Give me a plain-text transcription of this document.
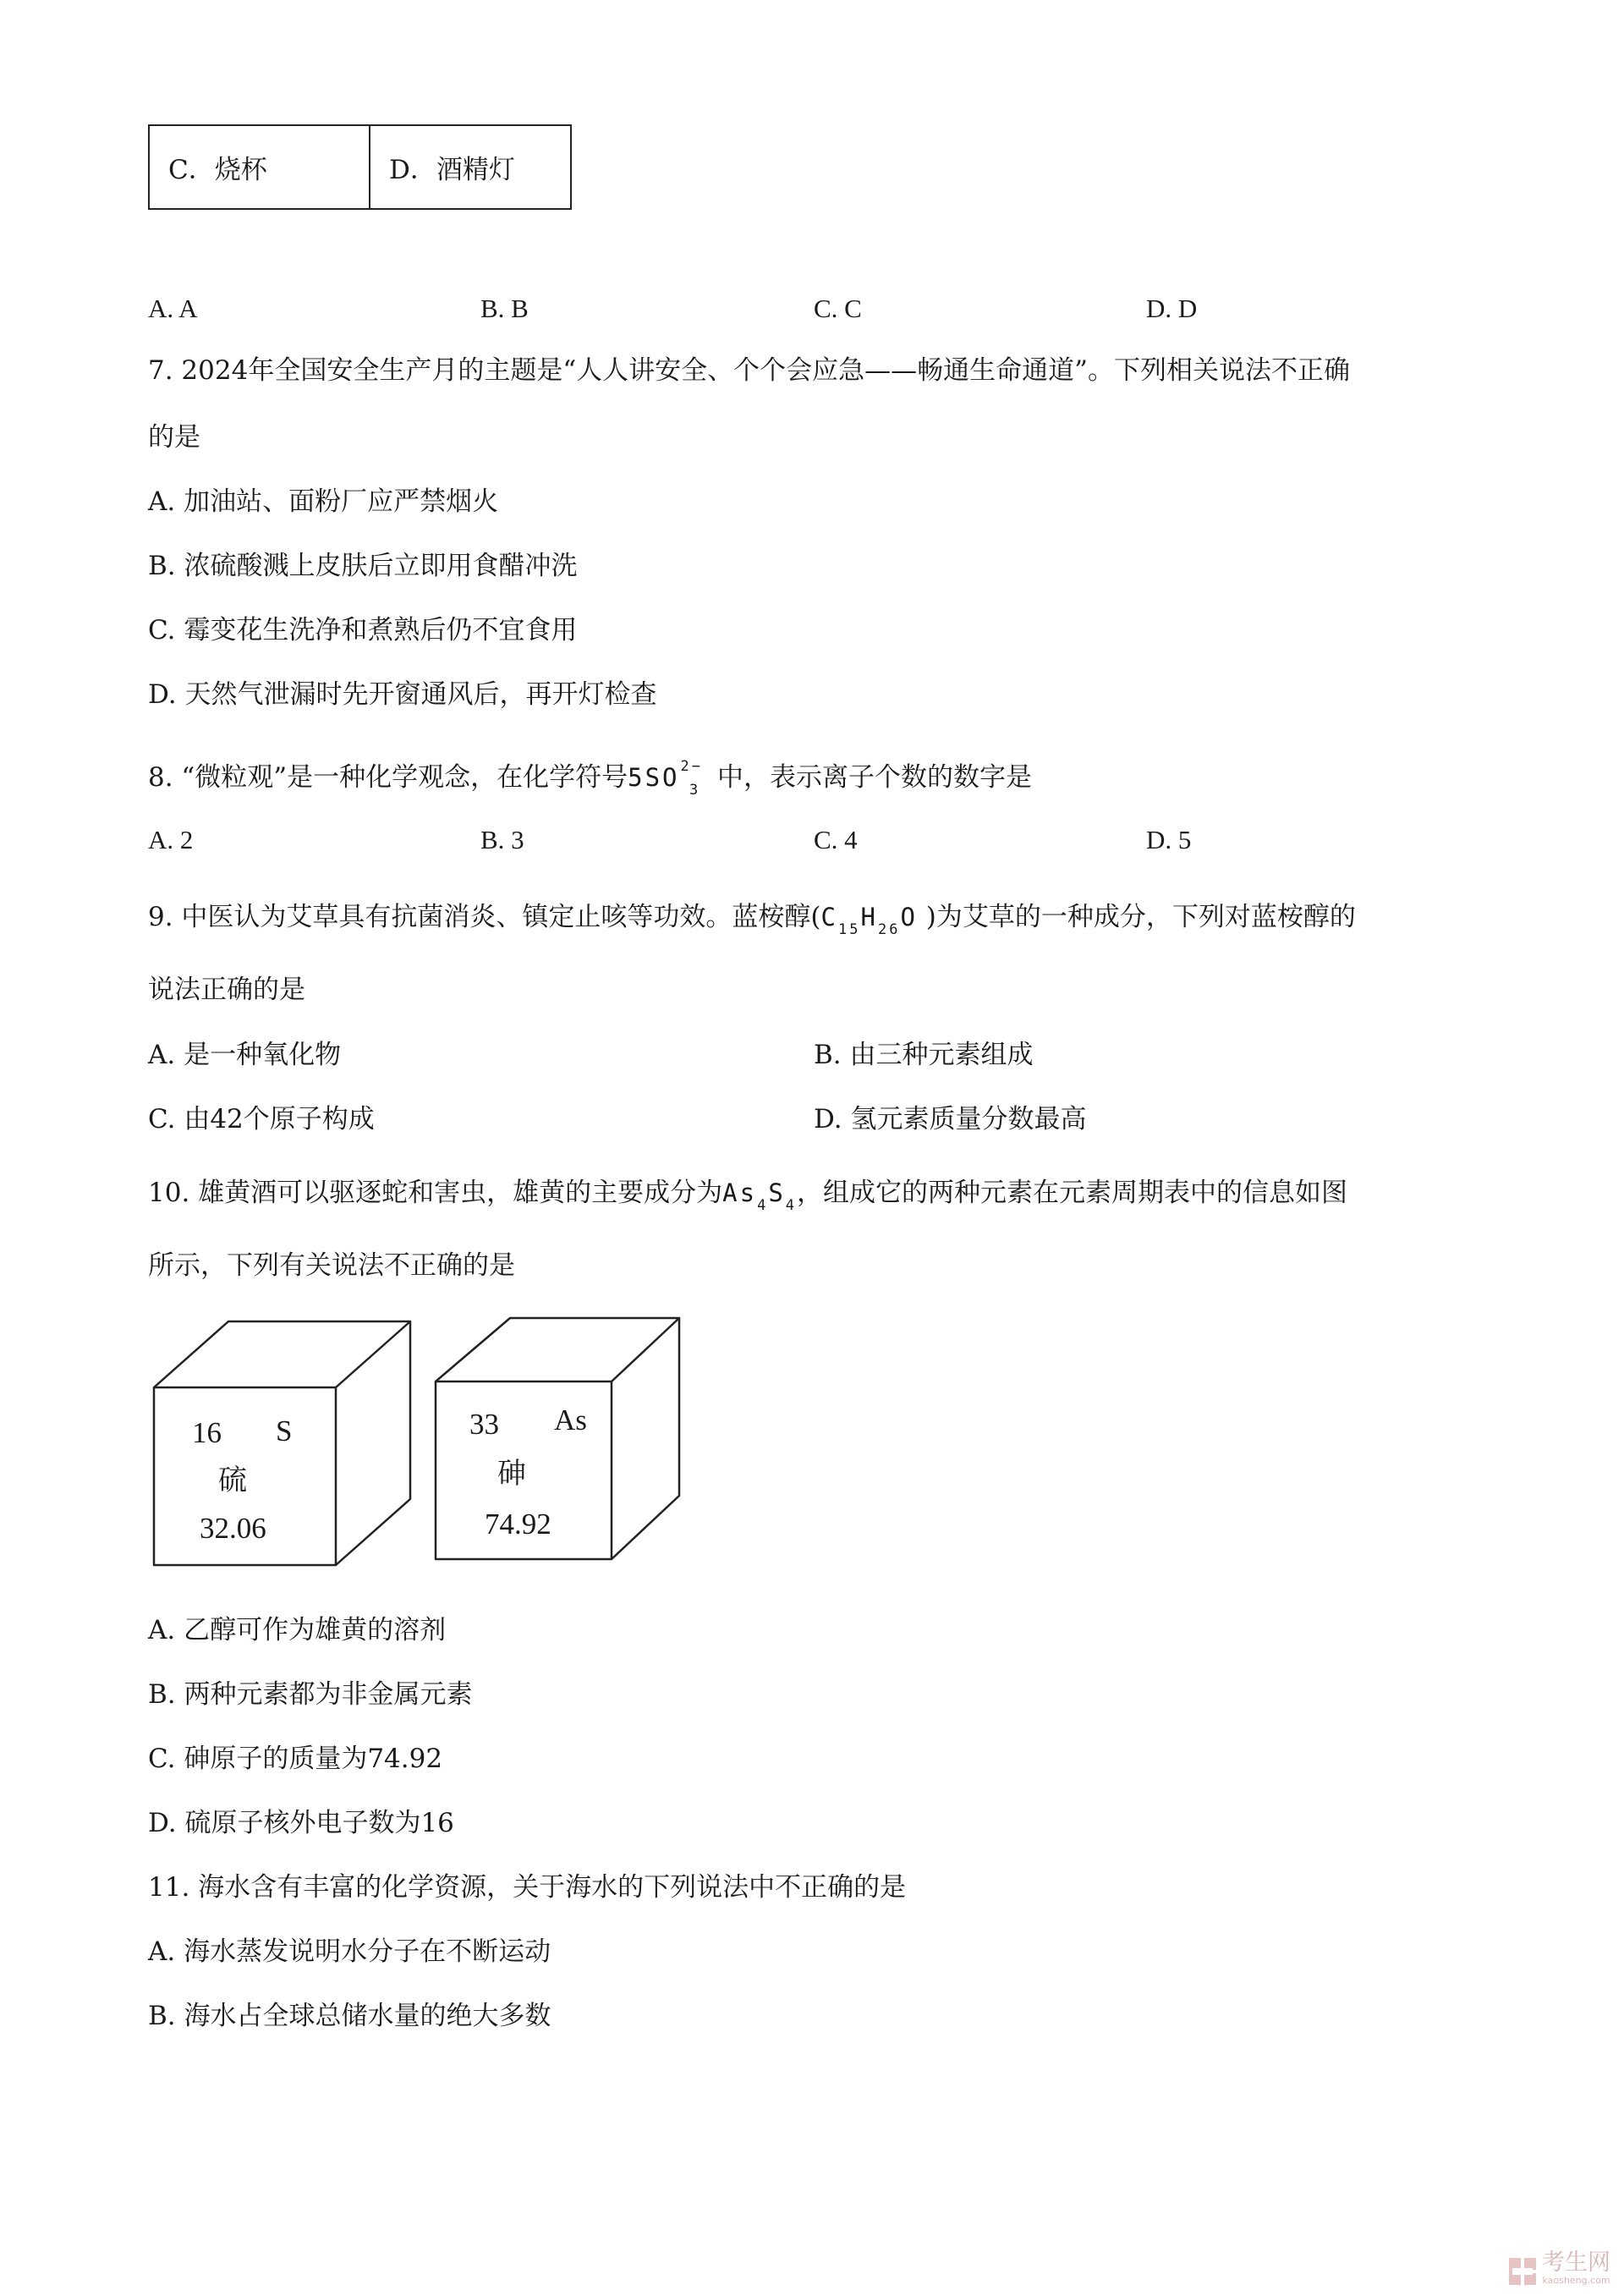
C．烧杯	D．酒精灯
A. A	B. B	C. C	D. D
7. 2024年全国安全生产月的主题是“人人讲安全、个个会应急——畅通生命通道”。下列相关说法不正确
的是
A. 加油站、面粉厂应严禁烟火
B. 浓硫酸溅上皮肤后立即用食醋冲洗
C. 霉变花生洗净和煮熟后仍不宜食用
D. 天然气泄漏时先开窗通风后，再开灯检查
8. “微粒观”是一种化学观念，在化学符号$5SO^{2-}_3$ 中，表示离子个数的数字是
A. 2	B. 3	C. 4	D. 5
9. 中医认为艾草具有抗菌消炎、镇定止咳等功效。蓝桉醇($C_{15}H_{26}O$ )为艾草的一种成分，下列对蓝桉醇的
说法正确的是
A. 是一种氧化物	B. 由三种元素组成
C. 由42个原子构成	D. 氢元素质量分数最高
10. 雄黄酒可以驱逐蛇和害虫，雄黄的主要成分为$As_4S_4$，组成它的两种元素在元素周期表中的信息如图
所示，下列有关说法不正确的是
16 S
硫
32.06
33 As
砷
74.92
A. 乙醇可作为雄黄的溶剂
B. 两种元素都为非金属元素
C. 砷原子的质量为74.92
D. 硫原子核外电子数为16
11. 海水含有丰富的化学资源，关于海水的下列说法中不正确的是
A. 海水蒸发说明水分子在不断运动
B. 海水占全球总储水量的绝大多数
考生网
kaosheng.com
